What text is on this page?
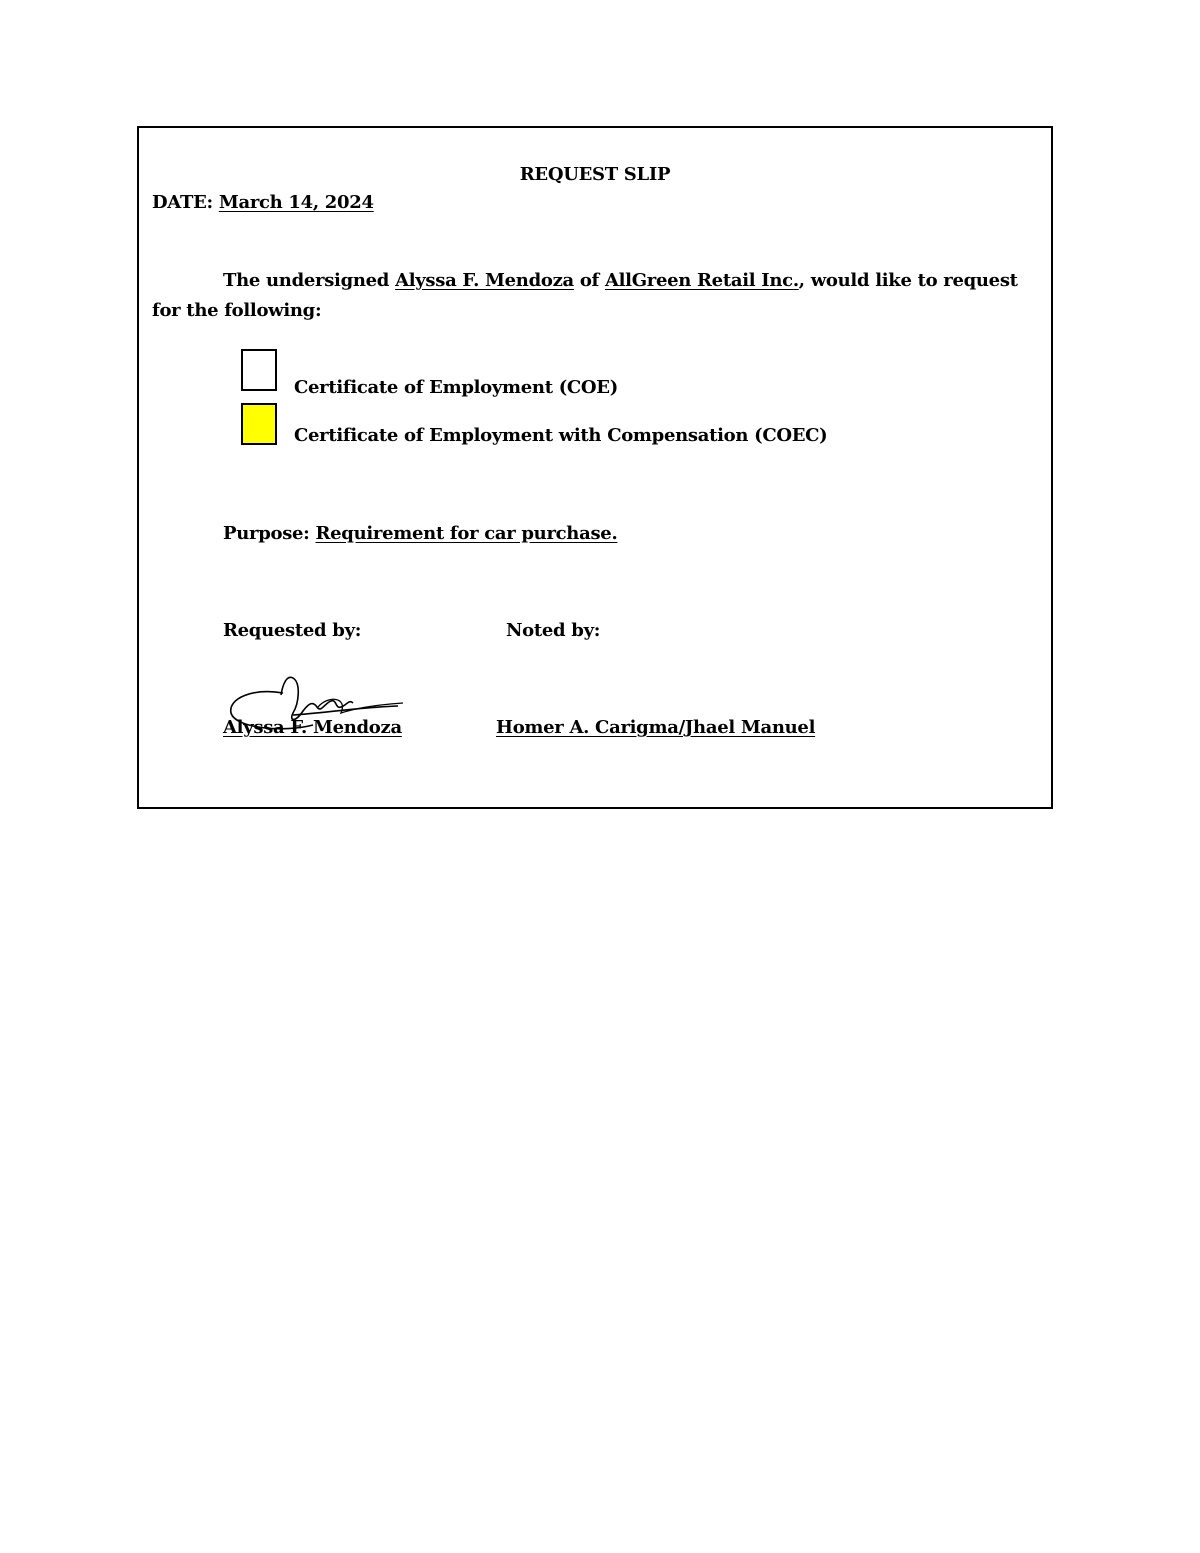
REQUEST SLIP
DATE: March 14, 2024
The undersigned Alyssa F. Mendoza of AllGreen Retail Inc., would like to request
for the following:
Certificate of Employment (COE)
Certificate of Employment with Compensation (COEC)
Purpose: Requirement for car purchase.
Requested by:	Noted by:
Alyssa F. Mendoza	Homer A. Carigma/Jhael Manuel
